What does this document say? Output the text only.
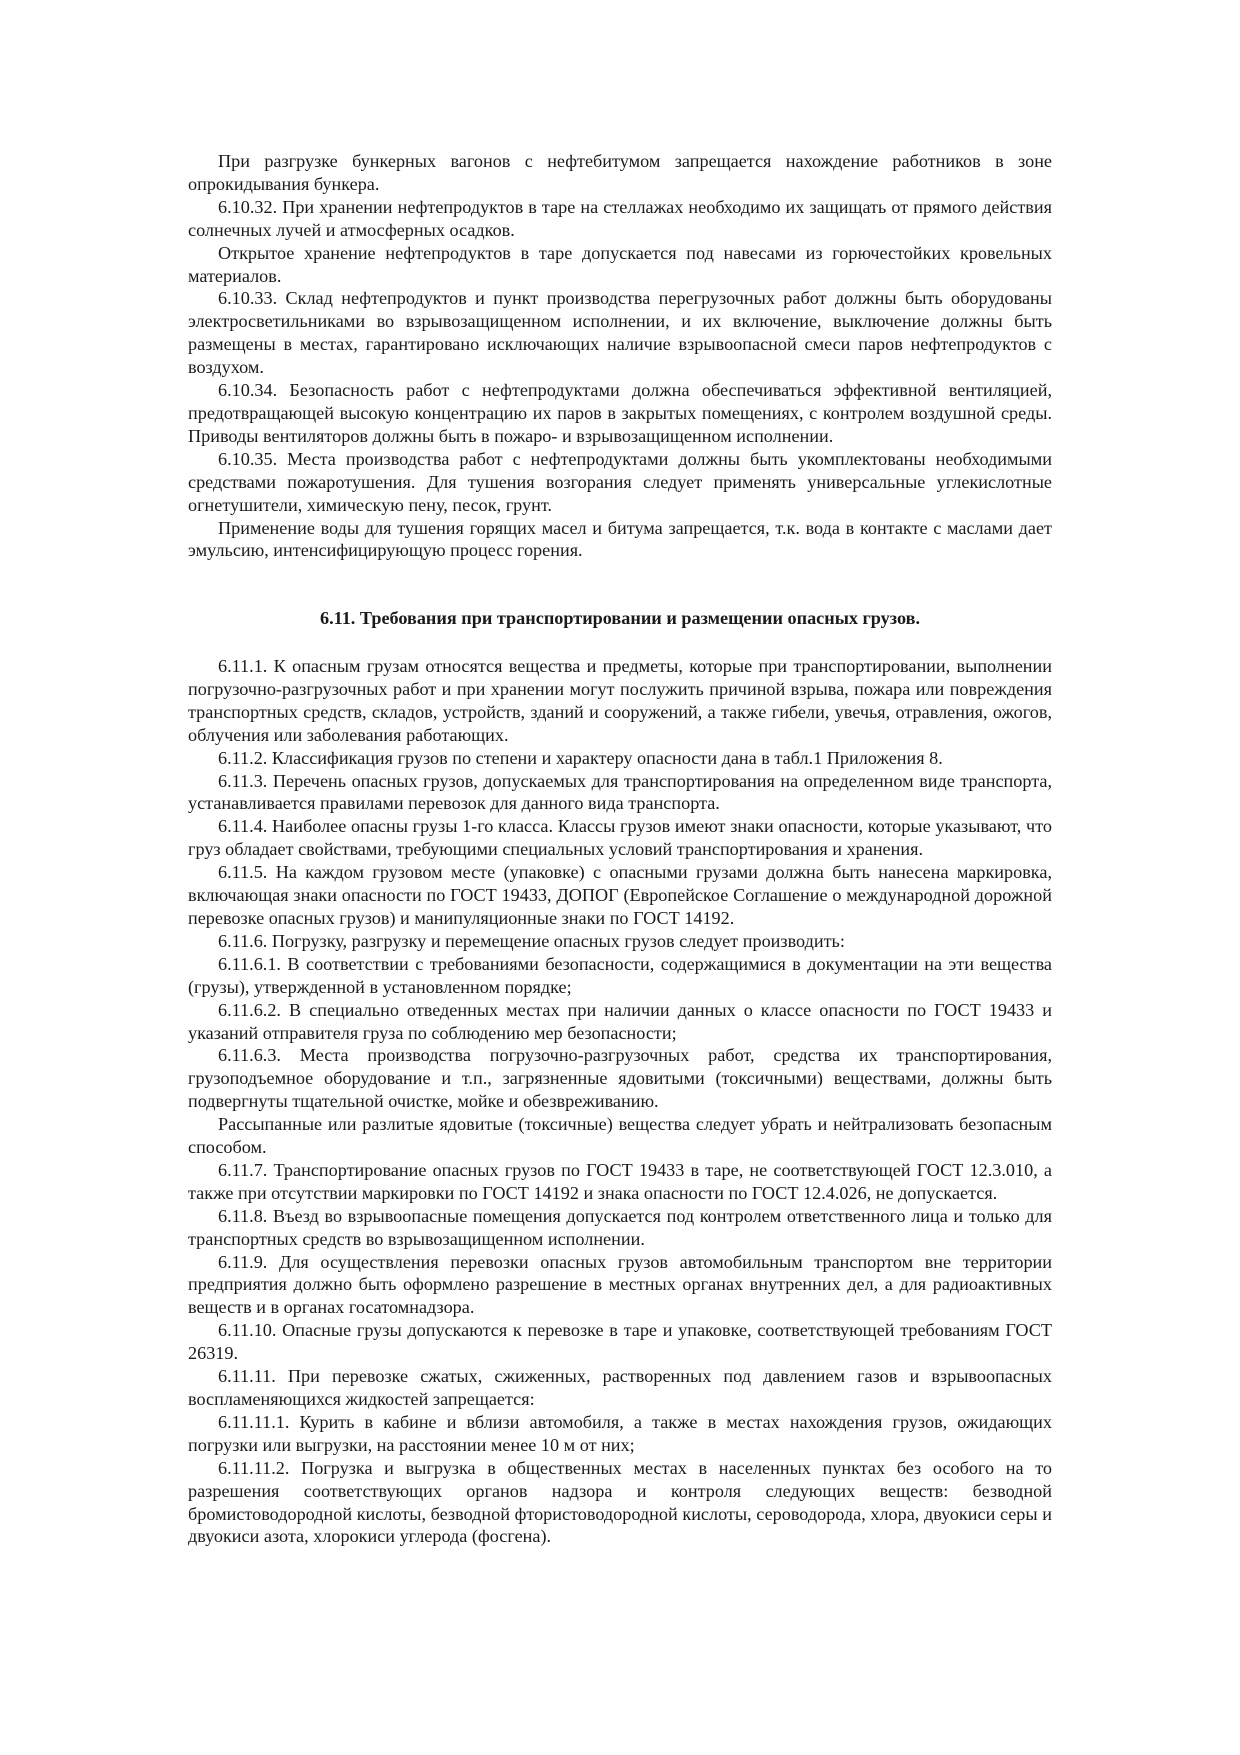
При разгрузке бункерных вагонов с нефтебитумом запрещается нахождение работников в зоне опрокидывания бункера.

6.10.32. При хранении нефтепродуктов в таре на стеллажах необходимо их защищать от прямого действия солнечных лучей и атмосферных осадков.

Открытое хранение нефтепродуктов в таре допускается под навесами из горючестойких кровельных материалов.

6.10.33. Склад нефтепродуктов и пункт производства перегрузочных работ должны быть оборудованы электросветильниками во взрывозащищенном исполнении, и их включение, выключение должны быть размещены в местах, гарантировано исключающих наличие взрывоопасной смеси паров нефтепродуктов с воздухом.

6.10.34. Безопасность работ с нефтепродуктами должна обеспечиваться эффективной вентиляцией, предотвращающей высокую концентрацию их паров в закрытых помещениях, с контролем воздушной среды. Приводы вентиляторов должны быть в пожаро- и взрывозащищенном исполнении.

6.10.35. Места производства работ с нефтепродуктами должны быть укомплектованы необходимыми средствами пожаротушения. Для тушения возгорания следует применять универсальные углекислотные огнетушители, химическую пену, песок, грунт.

Применение воды для тушения горящих масел и битума запрещается, т.к. вода в контакте с маслами дает эмульсию, интенсифицирующую процесс горения.

6.11. Требования при транспортировании и размещении опасных грузов.

6.11.1. К опасным грузам относятся вещества и предметы, которые при транспортировании, выполнении погрузочно-разгрузочных работ и при хранении могут послужить причиной взрыва, пожара или повреждения транспортных средств, складов, устройств, зданий и сооружений, а также гибели, увечья, отравления, ожогов, облучения или заболевания работающих.

6.11.2. Классификация грузов по степени и характеру опасности дана в табл.1 Приложения 8.

6.11.3. Перечень опасных грузов, допускаемых для транспортирования на определенном виде транспорта, устанавливается правилами перевозок для данного вида транспорта.

6.11.4. Наиболее опасны грузы 1-го класса. Классы грузов имеют знаки опасности, которые указывают, что груз обладает свойствами, требующими специальных условий транспортирования и хранения.

6.11.5. На каждом грузовом месте (упаковке) с опасными грузами должна быть нанесена маркировка, включающая знаки опасности по ГОСТ 19433, ДОПОГ (Европейское Соглашение о международной дорожной перевозке опасных грузов) и манипуляционные знаки по ГОСТ 14192.

6.11.6. Погрузку, разгрузку и перемещение опасных грузов следует производить:

6.11.6.1. В соответствии с требованиями безопасности, содержащимися в документации на эти вещества (грузы), утвержденной в установленном порядке;

6.11.6.2. В специально отведенных местах при наличии данных о классе опасности по ГОСТ 19433 и указаний отправителя груза по соблюдению мер безопасности;

6.11.6.3. Места производства погрузочно-разгрузочных работ, средства их транспортирования, грузоподъемное оборудование и т.п., загрязненные ядовитыми (токсичными) веществами, должны быть подвергнуты тщательной очистке, мойке и обезвреживанию.

Рассыпанные или разлитые ядовитые (токсичные) вещества следует убрать и нейтрализовать безопасным способом.

6.11.7. Транспортирование опасных грузов по ГОСТ 19433 в таре, не соответствующей ГОСТ 12.3.010, а также при отсутствии маркировки по ГОСТ 14192 и знака опасности по ГОСТ 12.4.026, не допускается.

6.11.8. Въезд во взрывоопасные помещения допускается под контролем ответственного лица и только для транспортных средств во взрывозащищенном исполнении.

6.11.9. Для осуществления перевозки опасных грузов автомобильным транспортом вне территории предприятия должно быть оформлено разрешение в местных органах внутренних дел, а для радиоактивных веществ и в органах госатомнадзора.

6.11.10. Опасные грузы допускаются к перевозке в таре и упаковке, соответствующей требованиям ГОСТ 26319.

6.11.11. При перевозке сжатых, сжиженных, растворенных под давлением газов и взрывоопасных воспламеняющихся жидкостей запрещается:

6.11.11.1. Курить в кабине и вблизи автомобиля, а также в местах нахождения грузов, ожидающих погрузки или выгрузки, на расстоянии менее 10 м от них;

6.11.11.2. Погрузка и выгрузка в общественных местах в населенных пунктах без особого на то разрешения соответствующих органов надзора и контроля следующих веществ: безводной бромистоводородной кислоты, безводной фтористоводородной кислоты, сероводорода, хлора, двуокиси серы и двуокиси азота, хлорокиси углерода (фосгена).
